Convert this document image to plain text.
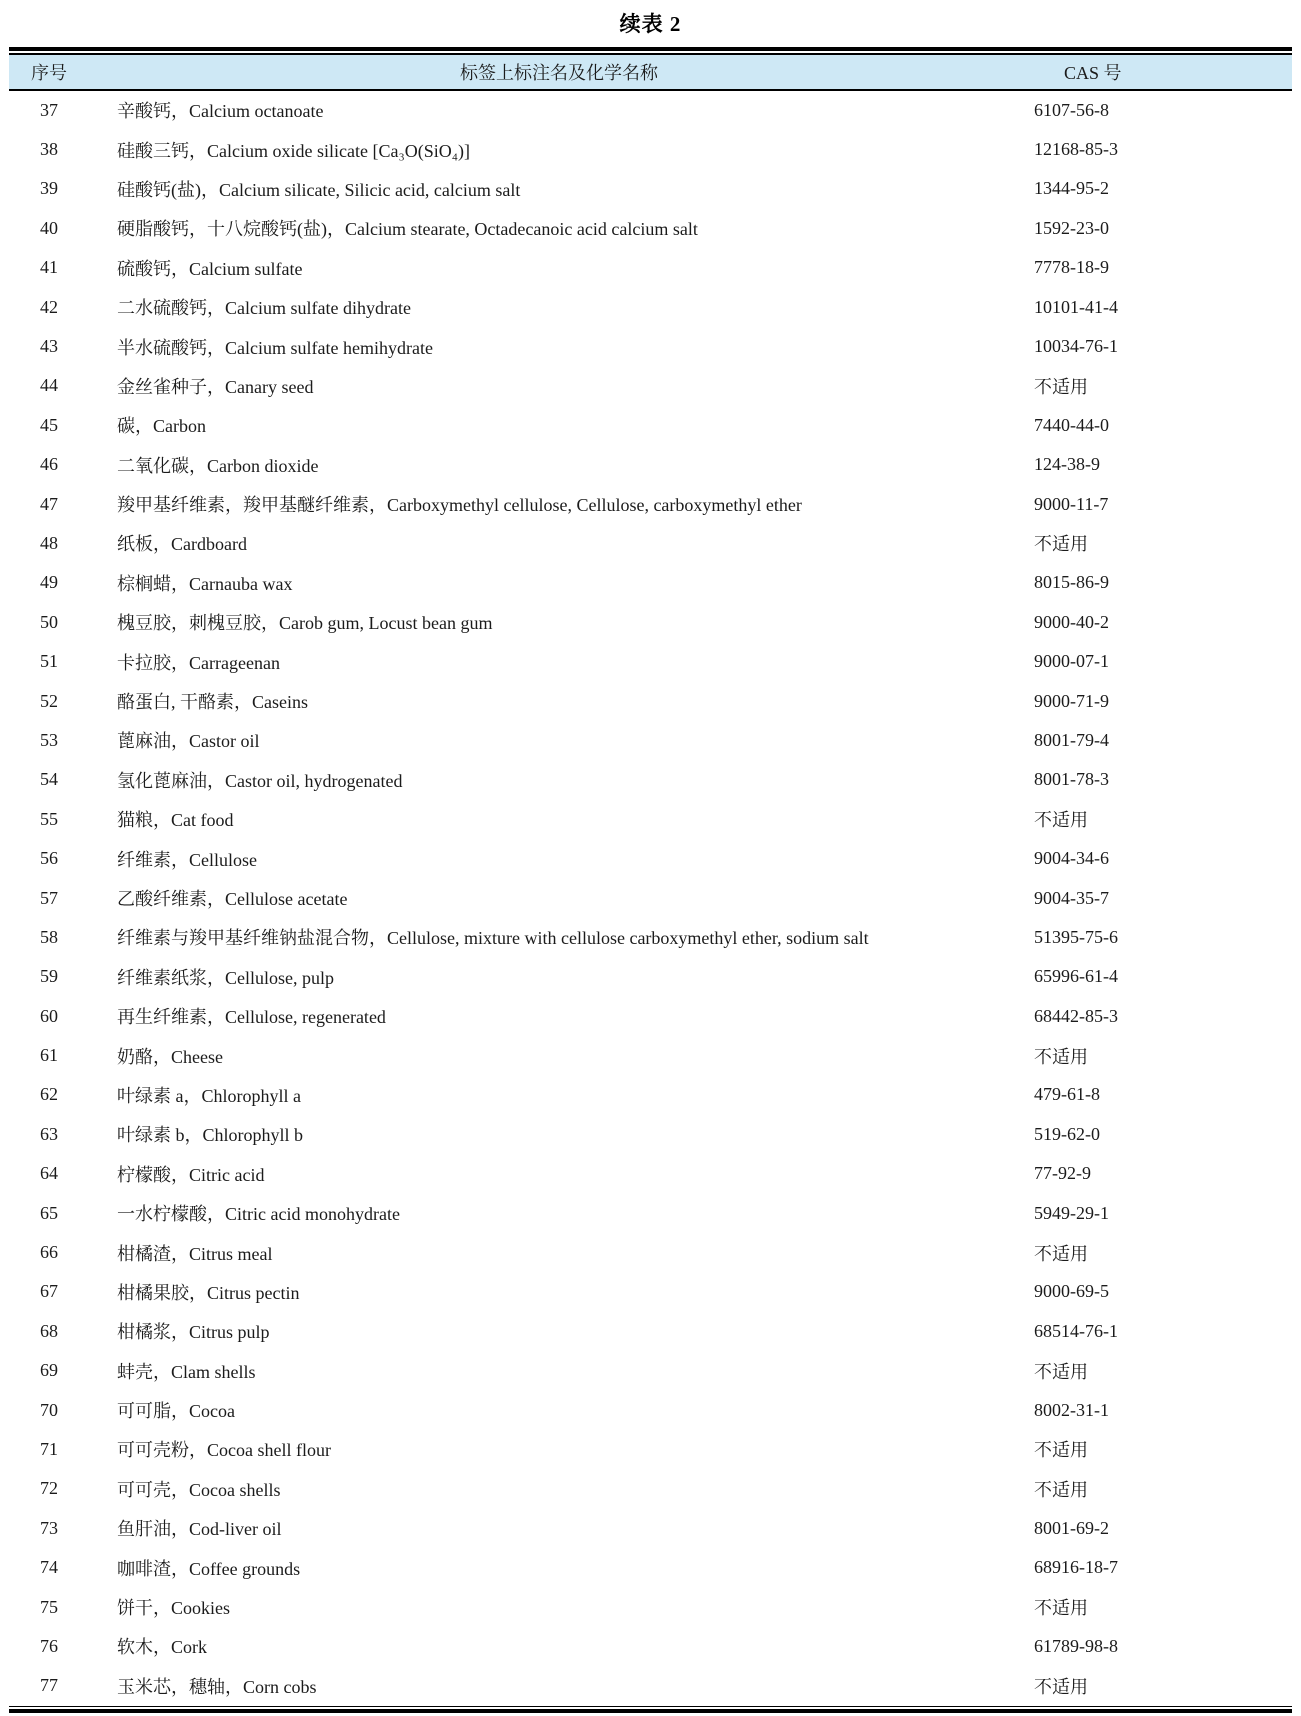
续表 2
序号	标签上标注名及化学名称	CAS 号
37	辛酸钙，Calcium octanoate	6107-56-8
38	硅酸三钙，Calcium oxide silicate [Ca₃O(SiO₄)]	12168-85-3
39	硅酸钙(盐)，Calcium silicate, Silicic acid, calcium salt	1344-95-2
40	硬脂酸钙，十八烷酸钙(盐)，Calcium stearate, Octadecanoic acid calcium salt	1592-23-0
41	硫酸钙，Calcium sulfate	7778-18-9
42	二水硫酸钙，Calcium sulfate dihydrate	10101-41-4
43	半水硫酸钙，Calcium sulfate hemihydrate	10034-76-1
44	金丝雀种子，Canary seed	不适用
45	碳，Carbon	7440-44-0
46	二氧化碳，Carbon dioxide	124-38-9
47	羧甲基纤维素，羧甲基醚纤维素，Carboxymethyl cellulose, Cellulose, carboxymethyl ether	9000-11-7
48	纸板，Cardboard	不适用
49	棕榈蜡，Carnauba wax	8015-86-9
50	槐豆胶，刺槐豆胶，Carob gum, Locust bean gum	9000-40-2
51	卡拉胶，Carrageenan	9000-07-1
52	酪蛋白, 干酪素，Caseins	9000-71-9
53	蓖麻油，Castor oil	8001-79-4
54	氢化蓖麻油，Castor oil, hydrogenated	8001-78-3
55	猫粮，Cat food	不适用
56	纤维素，Cellulose	9004-34-6
57	乙酸纤维素，Cellulose acetate	9004-35-7
58	纤维素与羧甲基纤维钠盐混合物，Cellulose, mixture with cellulose carboxymethyl ether, sodium salt	51395-75-6
59	纤维素纸浆，Cellulose, pulp	65996-61-4
60	再生纤维素，Cellulose, regenerated	68442-85-3
61	奶酪，Cheese	不适用
62	叶绿素 a，Chlorophyll a	479-61-8
63	叶绿素 b，Chlorophyll b	519-62-0
64	柠檬酸，Citric acid	77-92-9
65	一水柠檬酸，Citric acid monohydrate	5949-29-1
66	柑橘渣，Citrus meal	不适用
67	柑橘果胶，Citrus pectin	9000-69-5
68	柑橘浆，Citrus pulp	68514-76-1
69	蚌壳，Clam shells	不适用
70	可可脂，Cocoa	8002-31-1
71	可可壳粉，Cocoa shell flour	不适用
72	可可壳，Cocoa shells	不适用
73	鱼肝油，Cod-liver oil	8001-69-2
74	咖啡渣，Coffee grounds	68916-18-7
75	饼干，Cookies	不适用
76	软木，Cork	61789-98-8
77	玉米芯，穗轴，Corn cobs	不适用
